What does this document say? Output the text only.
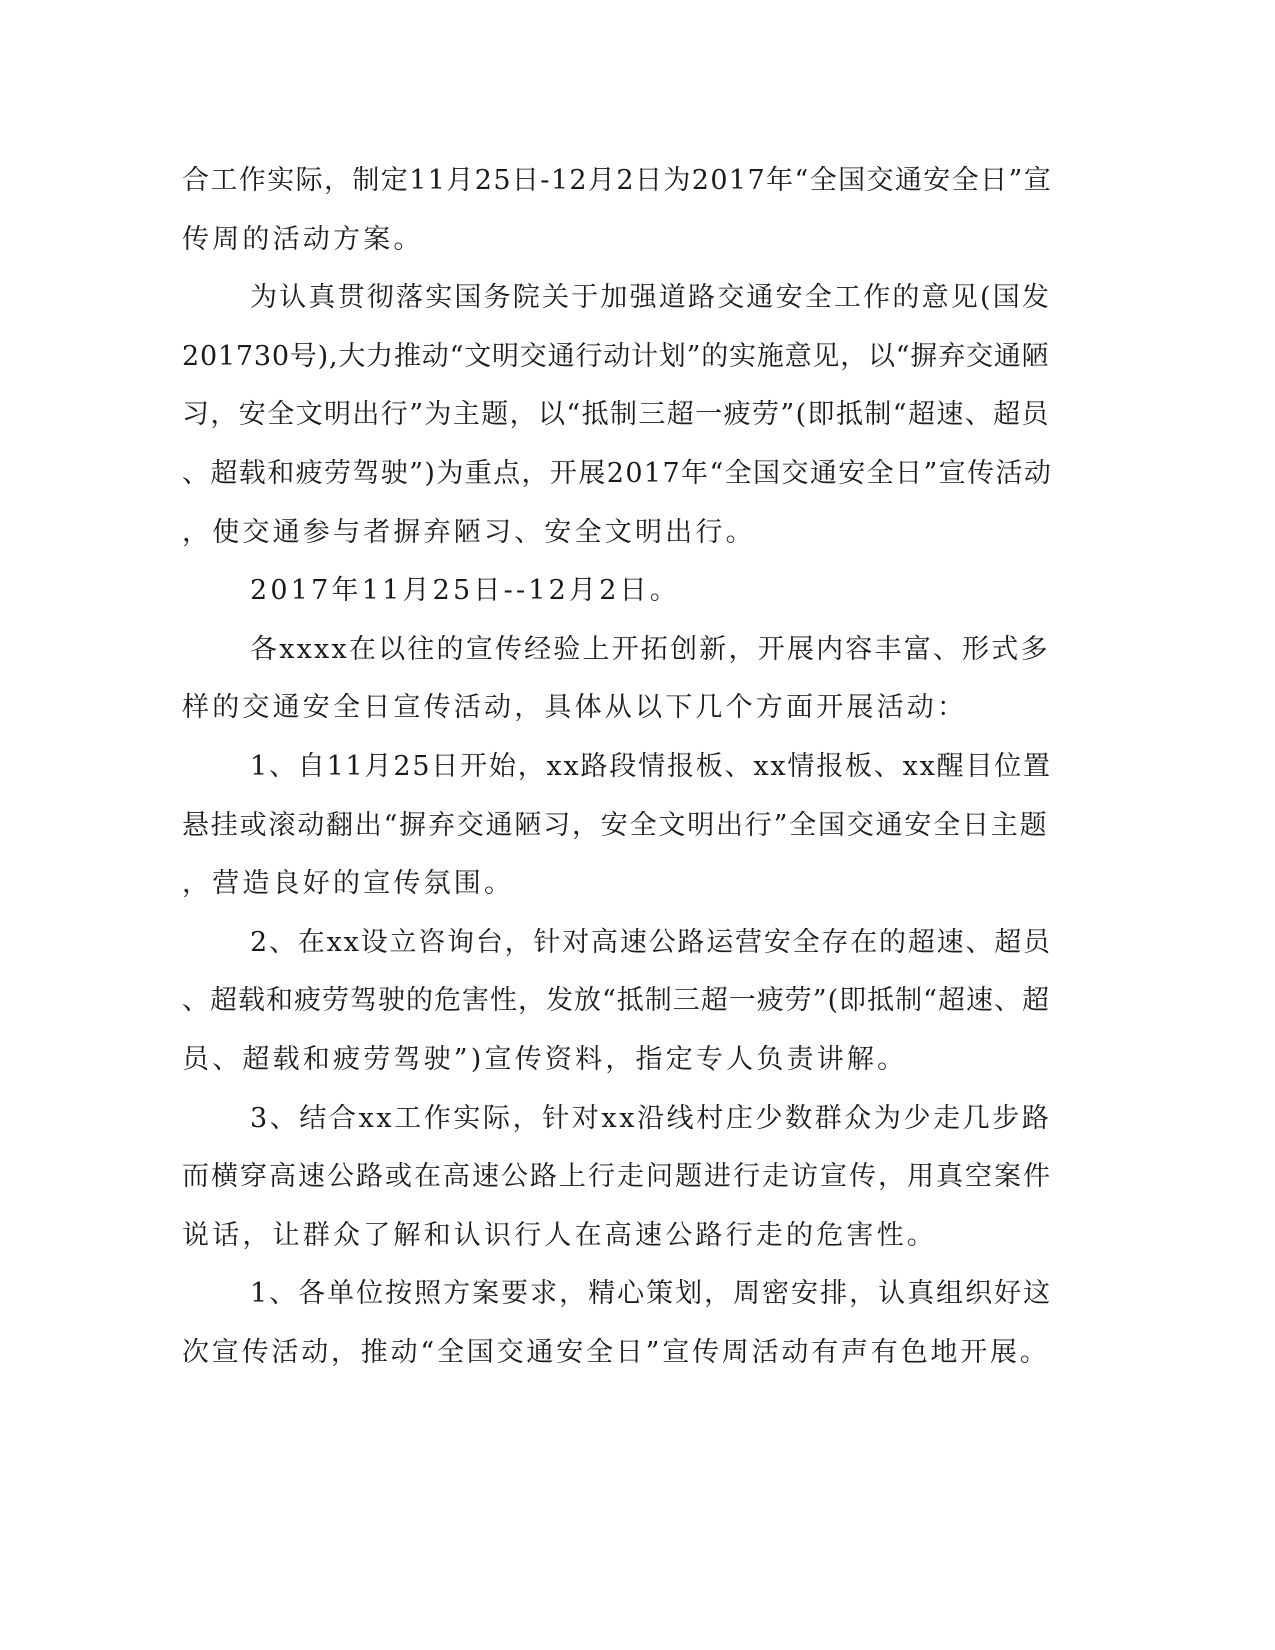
合工作实际，制定11月25日-12月2日为2017年“全国交通安全日”宣
传周的活动方案。
为认真贯彻落实国务院关于加强道路交通安全工作的意见(国发
201730号),大力推动“文明交通行动计划”的实施意见，以“摒弃交通陋
习，安全文明出行”为主题，以“抵制三超一疲劳”(即抵制“超速、超员
、超载和疲劳驾驶”)为重点，开展2017年“全国交通安全日”宣传活动
，使交通参与者摒弃陋习、安全文明出行。
2017年11月25日--12月2日。
各xxxx在以往的宣传经验上开拓创新，开展内容丰富、形式多
样的交通安全日宣传活动，具体从以下几个方面开展活动：
1、自11月25日开始，xx路段情报板、xx情报板、xx醒目位置
悬挂或滚动翻出“摒弃交通陋习，安全文明出行”全国交通安全日主题
，营造良好的宣传氛围。
2、在xx设立咨询台，针对高速公路运营安全存在的超速、超员
、超载和疲劳驾驶的危害性，发放“抵制三超一疲劳”(即抵制“超速、超
员、超载和疲劳驾驶”)宣传资料，指定专人负责讲解。
3、结合xx工作实际，针对xx沿线村庄少数群众为少走几步路
而横穿高速公路或在高速公路上行走问题进行走访宣传，用真空案件
说话，让群众了解和认识行人在高速公路行走的危害性。
1、各单位按照方案要求，精心策划，周密安排，认真组织好这
次宣传活动，推动“全国交通安全日”宣传周活动有声有色地开展。
